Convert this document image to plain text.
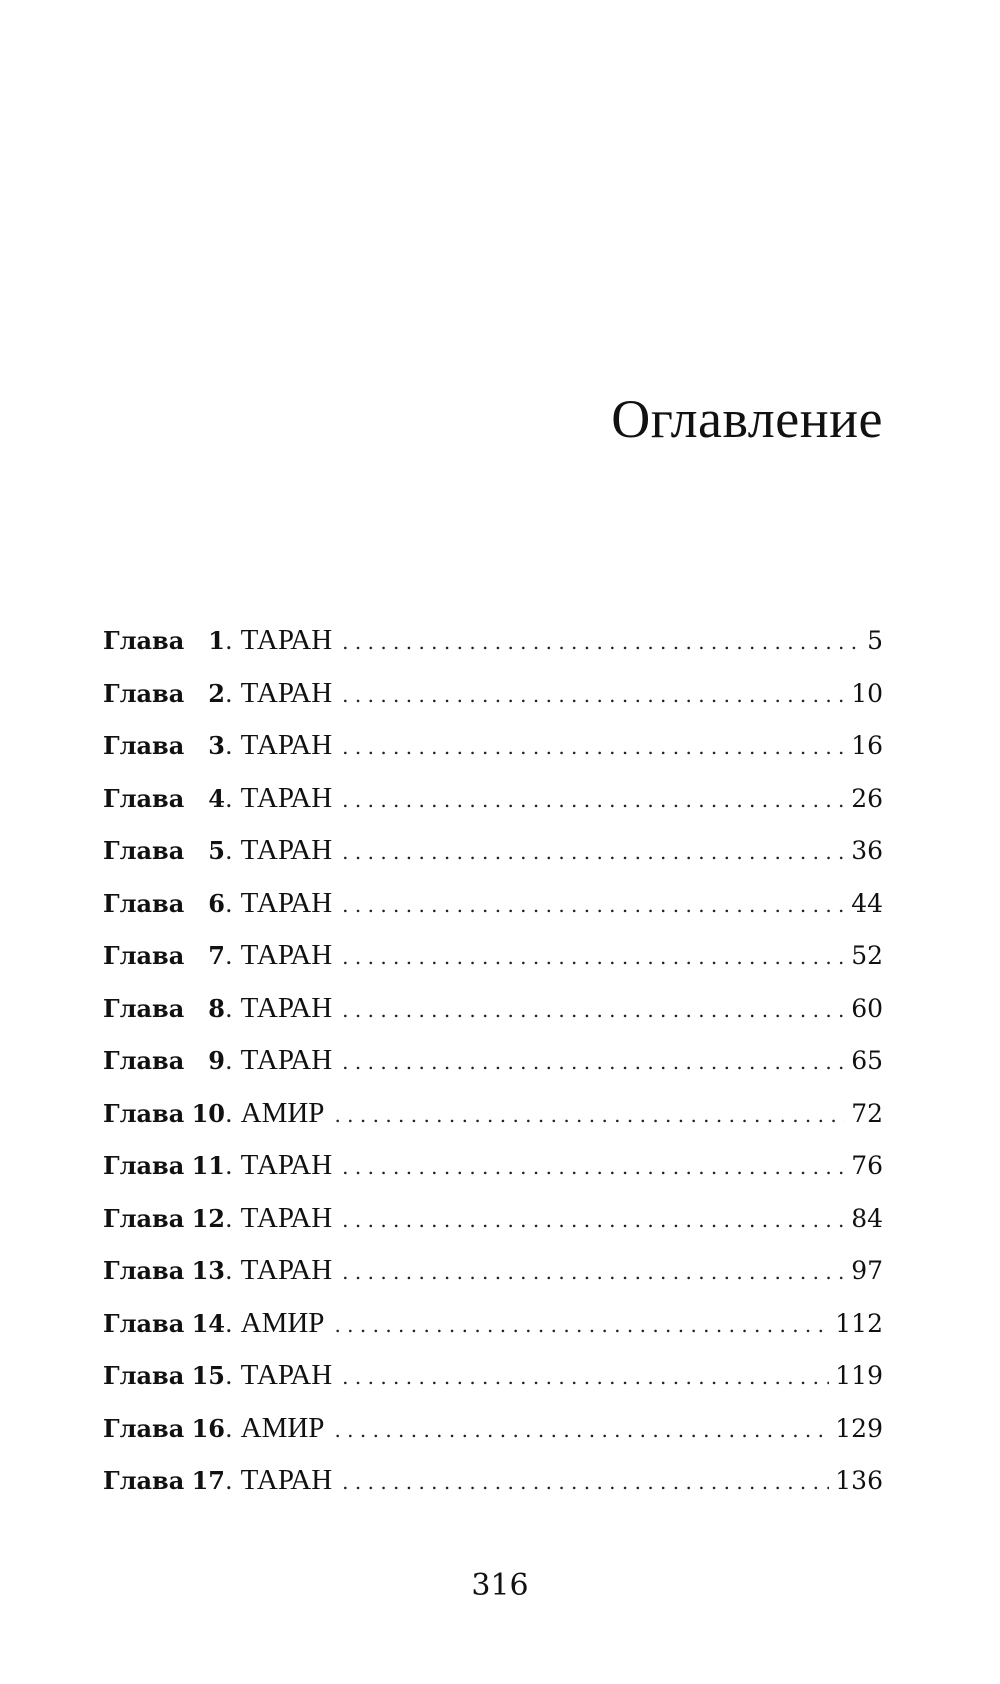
Оглавление
Глава	1 . ТАРАН . . .	5
Глава	2 . ТАРАН . . .	10
Глава	3 . ТАРАН . . .	16
Глава	4 . ТАРАН . . .	26
Глава	5 . ТАРАН . . .	36
Глава	6 . ТАРАН . . .	44
Глава	7 . ТАРАН . . .	52
Глава	8 . ТАРАН . . .	60
Глава	9 . ТАРАН . . .	65
Глава 10 . АМИР . . .	72
Глава 11 . ТАРАН . . .	76
Глава 12 . ТАРАН . . .	84
Глава 13 . ТАРАН . . .	97
Глава 14 . АМИР . . .	112
Глава 15 . ТАРАН . . .	119
Глава 16 . АМИР . . .	129
Глава 17 . ТАРАН . . .	136
316
